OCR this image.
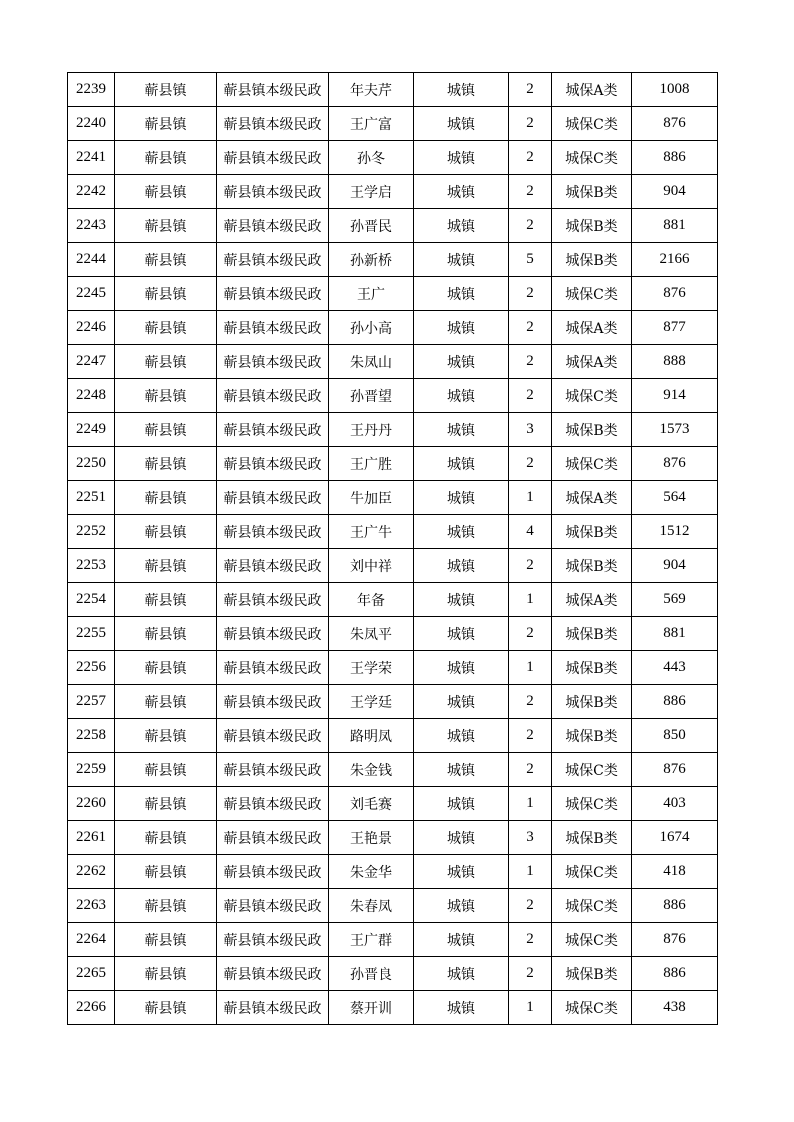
2239	蕲县镇	蕲县镇本级民政	年夫芹	城镇	2	城保A类	1008
2240	蕲县镇	蕲县镇本级民政	王广富	城镇	2	城保C类	876
2241	蕲县镇	蕲县镇本级民政	孙冬	城镇	2	城保C类	886
2242	蕲县镇	蕲县镇本级民政	王学启	城镇	2	城保B类	904
2243	蕲县镇	蕲县镇本级民政	孙晋民	城镇	2	城保B类	881
2244	蕲县镇	蕲县镇本级民政	孙新桥	城镇	5	城保B类	2166
2245	蕲县镇	蕲县镇本级民政	王广	城镇	2	城保C类	876
2246	蕲县镇	蕲县镇本级民政	孙小高	城镇	2	城保A类	877
2247	蕲县镇	蕲县镇本级民政	朱凤山	城镇	2	城保A类	888
2248	蕲县镇	蕲县镇本级民政	孙晋望	城镇	2	城保C类	914
2249	蕲县镇	蕲县镇本级民政	王丹丹	城镇	3	城保B类	1573
2250	蕲县镇	蕲县镇本级民政	王广胜	城镇	2	城保C类	876
2251	蕲县镇	蕲县镇本级民政	牛加臣	城镇	1	城保A类	564
2252	蕲县镇	蕲县镇本级民政	王广牛	城镇	4	城保B类	1512
2253	蕲县镇	蕲县镇本级民政	刘中祥	城镇	2	城保B类	904
2254	蕲县镇	蕲县镇本级民政	年备	城镇	1	城保A类	569
2255	蕲县镇	蕲县镇本级民政	朱凤平	城镇	2	城保B类	881
2256	蕲县镇	蕲县镇本级民政	王学荣	城镇	1	城保B类	443
2257	蕲县镇	蕲县镇本级民政	王学廷	城镇	2	城保B类	886
2258	蕲县镇	蕲县镇本级民政	路明凤	城镇	2	城保B类	850
2259	蕲县镇	蕲县镇本级民政	朱金钱	城镇	2	城保C类	876
2260	蕲县镇	蕲县镇本级民政	刘毛赛	城镇	1	城保C类	403
2261	蕲县镇	蕲县镇本级民政	王艳景	城镇	3	城保B类	1674
2262	蕲县镇	蕲县镇本级民政	朱金华	城镇	1	城保C类	418
2263	蕲县镇	蕲县镇本级民政	朱春凤	城镇	2	城保C类	886
2264	蕲县镇	蕲县镇本级民政	王广群	城镇	2	城保C类	876
2265	蕲县镇	蕲县镇本级民政	孙晋良	城镇	2	城保B类	886
2266	蕲县镇	蕲县镇本级民政	蔡开训	城镇	1	城保C类	438
